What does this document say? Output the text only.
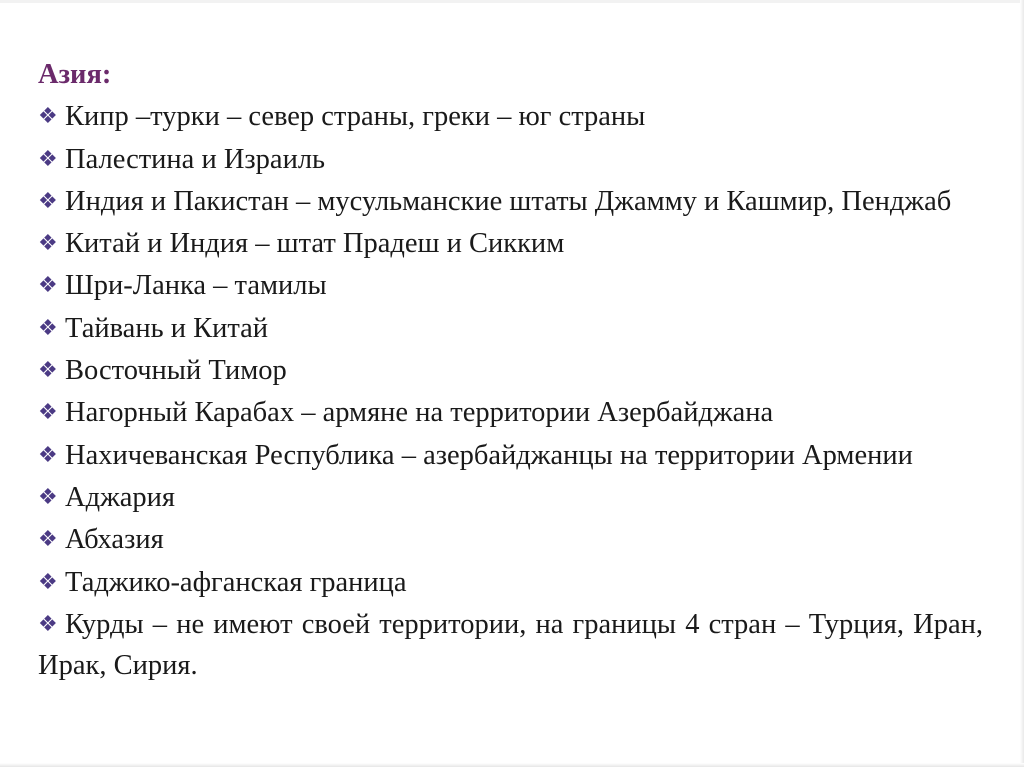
Азия:

❖ Кипр –турки – север страны, греки – юг страны

❖ Палестина и Израиль

❖ Индия и Пакистан – мусульманские штаты Джамму и Кашмир, Пенджаб

❖ Китай и Индия – штат Прадеш и Сикким

❖ Шри-Ланка – тамилы

❖ Тайвань и Китай

❖ Восточный Тимор

❖ Нагорный Карабах – армяне на территории Азербайджана

❖ Нахичеванская Республика – азербайджанцы на территории Армении

❖ Аджария

❖ Абхазия

❖ Таджико-афганская граница

❖ Курды – не имеют своей территории, на границы 4 стран – Турция, Иран, Ирак, Сирия.
